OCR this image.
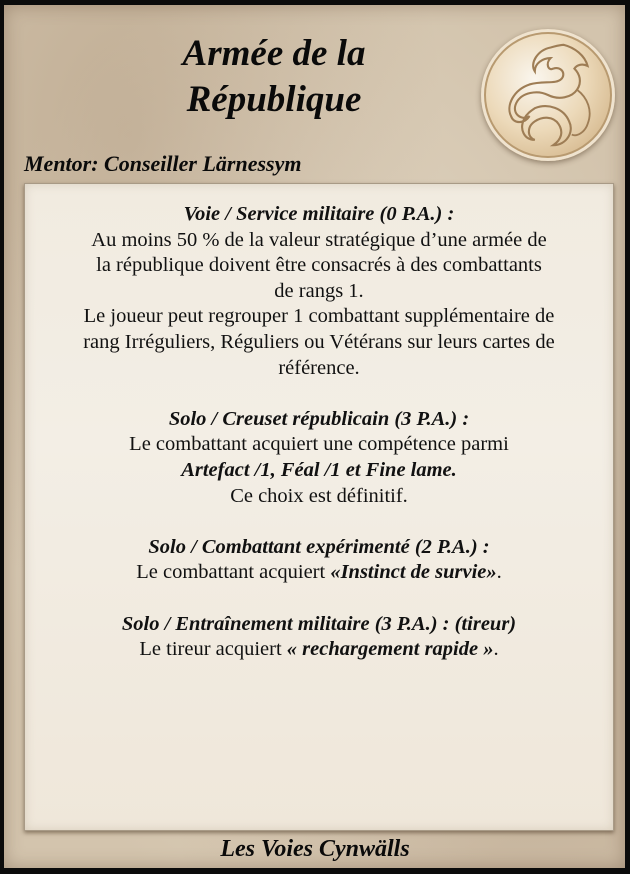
Armée de la
République
Mentor: Conseiller Lärnessym

Voie / Service militaire (0 P.A.) :
Au moins 50 % de la valeur stratégique d’une armée de
la république doivent être consacrés à des combattants
de rangs 1.
Le joueur peut regrouper 1 combattant supplémentaire de
rang Irréguliers, Réguliers ou Vétérans sur leurs cartes de
référence.

Solo / Creuset républicain (3 P.A.) :
Le combattant acquiert une compétence parmi
Artefact /1, Féal /1 et Fine lame.
Ce choix est définitif.

Solo / Combattant expérimenté (2 P.A.) :
Le combattant acquiert «Instinct de survie».

Solo / Entraînement militaire (3 P.A.) : (tireur)
Le tireur acquiert « rechargement rapide ».

Les Voies Cynwälls
